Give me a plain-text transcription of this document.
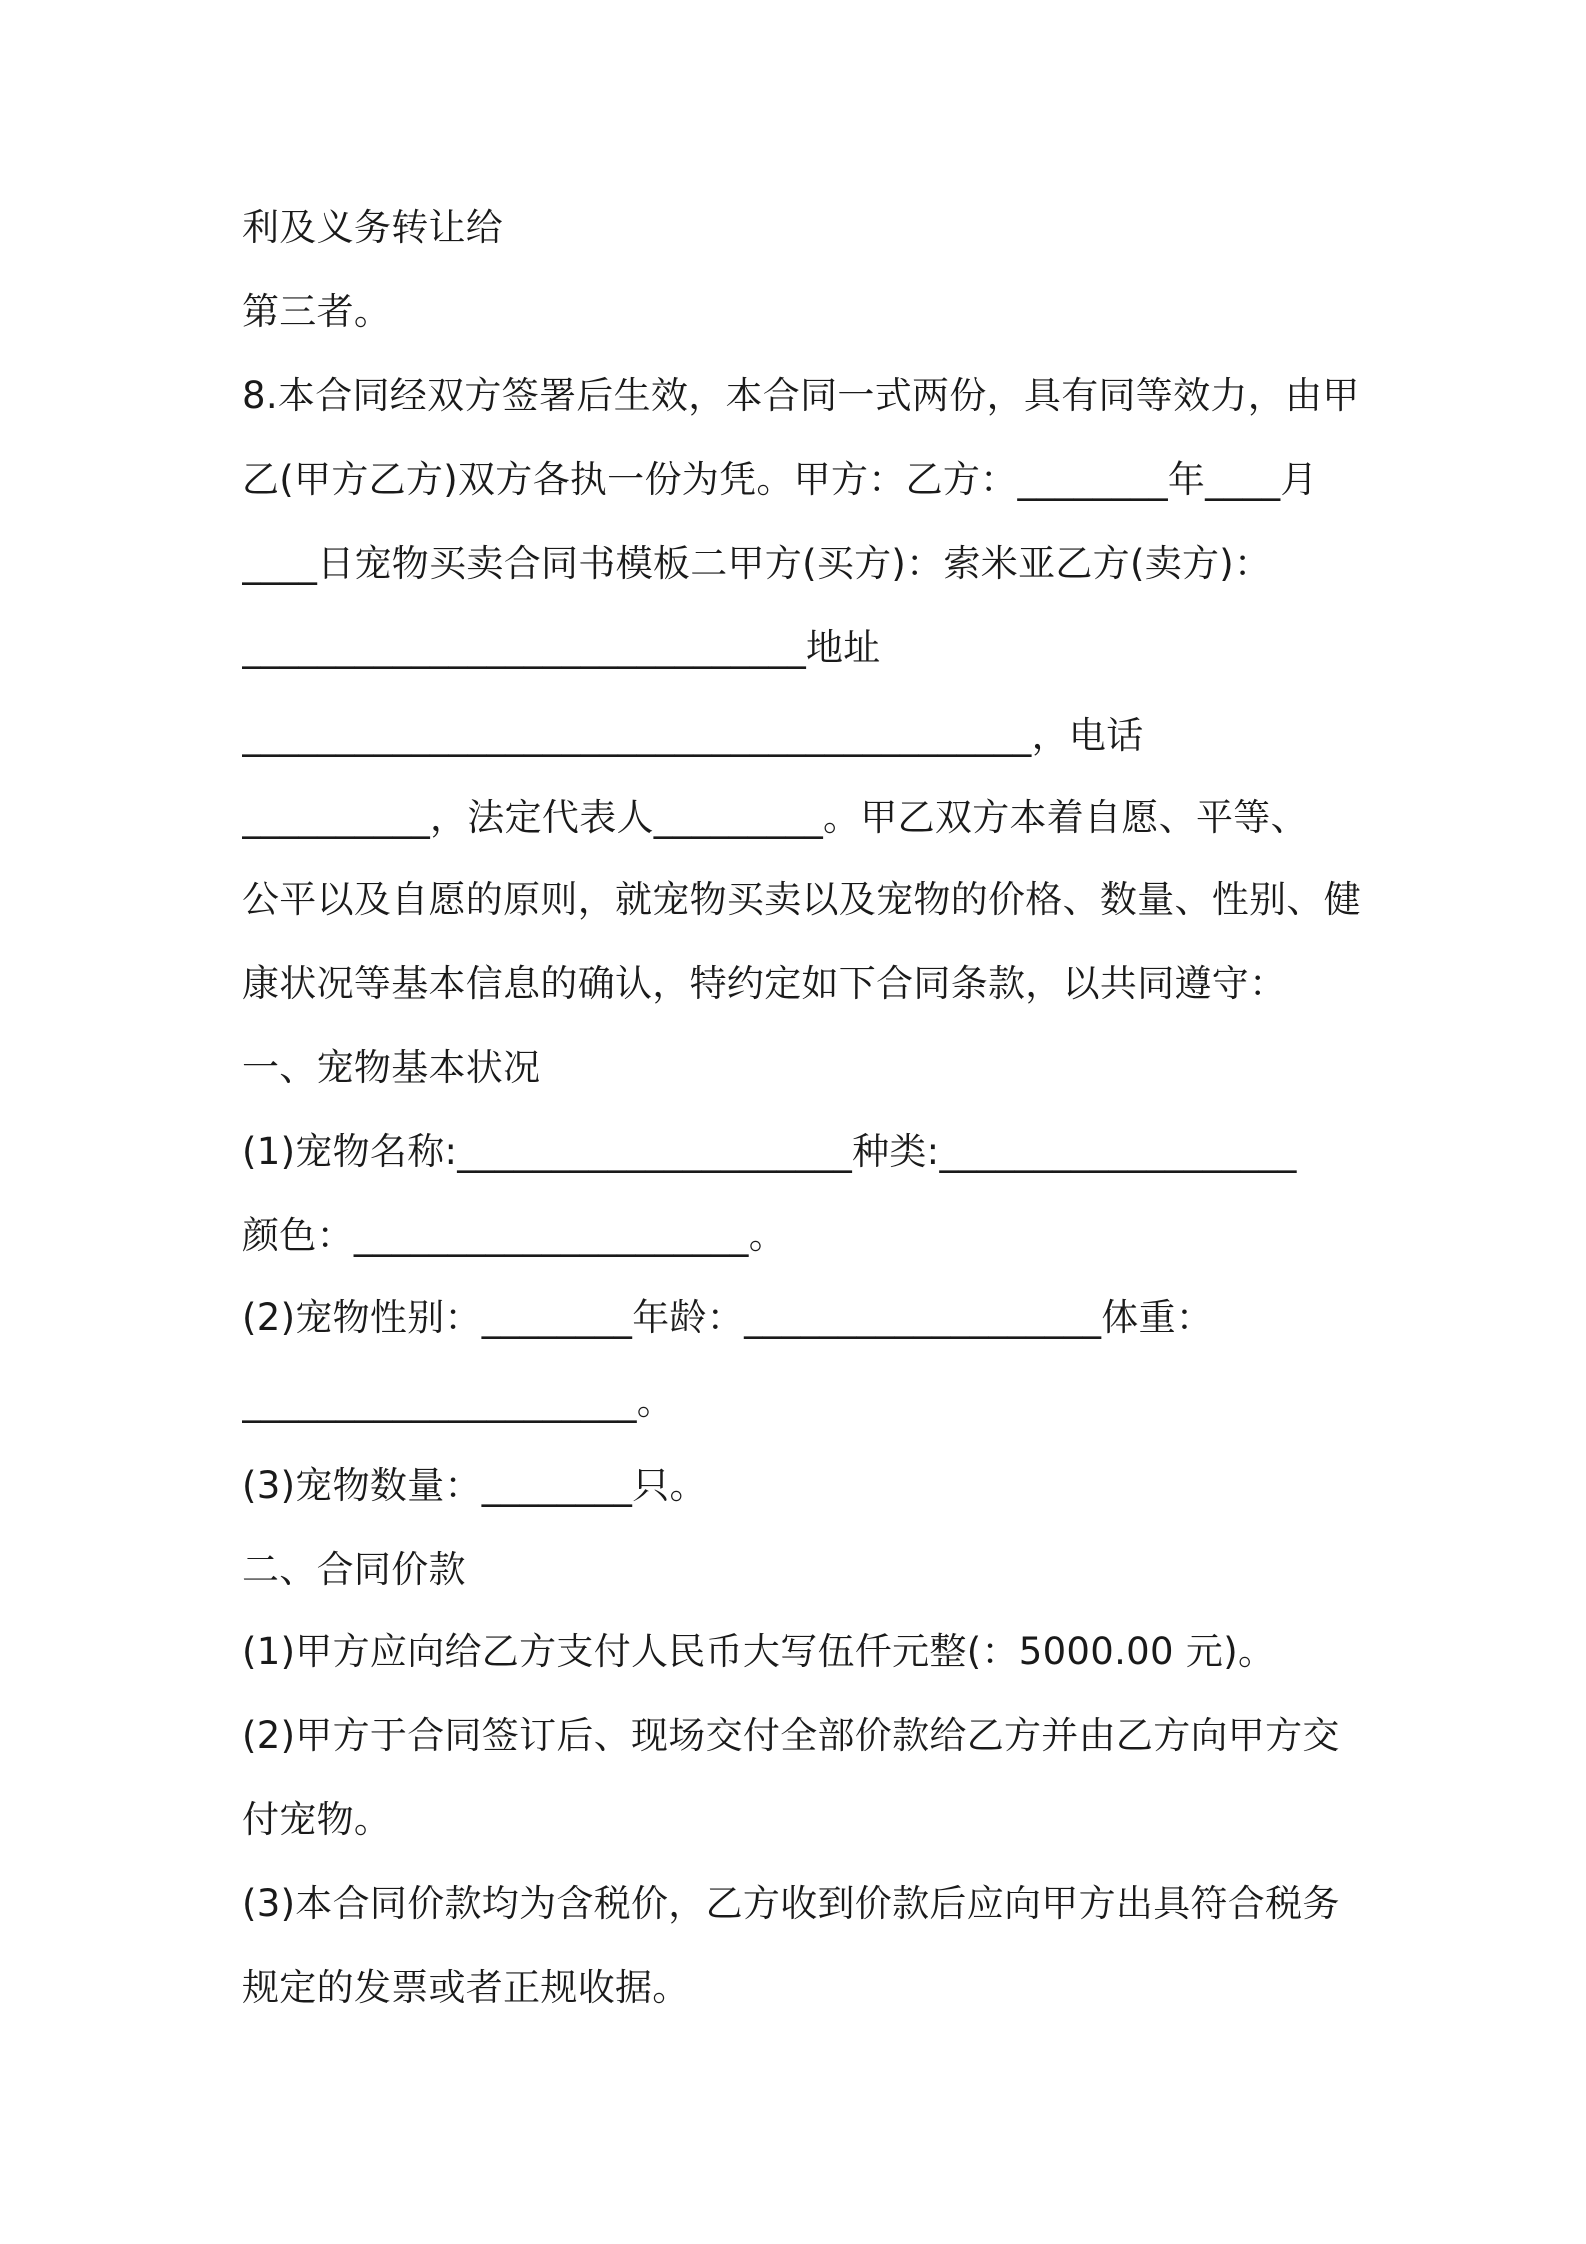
利及义务转让给
第三者。
8.本合同经双方签署后生效，本合同一式两份，具有同等效力，由甲
乙(甲方乙方)双方各执一份为凭。甲方：乙方：________年____月
____日宠物买卖合同书模板二甲方(买方)：索米亚乙方(卖方)：
______________________________地址
__________________________________________，电话
__________，法定代表人_________。甲乙双方本着自愿、平等、
公平以及自愿的原则，就宠物买卖以及宠物的价格、数量、性别、健
康状况等基本信息的确认，特约定如下合同条款，以共同遵守：
一、宠物基本状况
(1)宠物名称:_____________________种类:___________________
颜色：_____________________。
(2)宠物性别：________年龄：___________________体重：
_____________________。
(3)宠物数量：________只。
二、合同价款
(1)甲方应向给乙方支付人民币大写伍仟元整(：5000.00 元)。
(2)甲方于合同签订后、现场交付全部价款给乙方并由乙方向甲方交
付宠物。
(3)本合同价款均为含税价，乙方收到价款后应向甲方出具符合税务
规定的发票或者正规收据。
